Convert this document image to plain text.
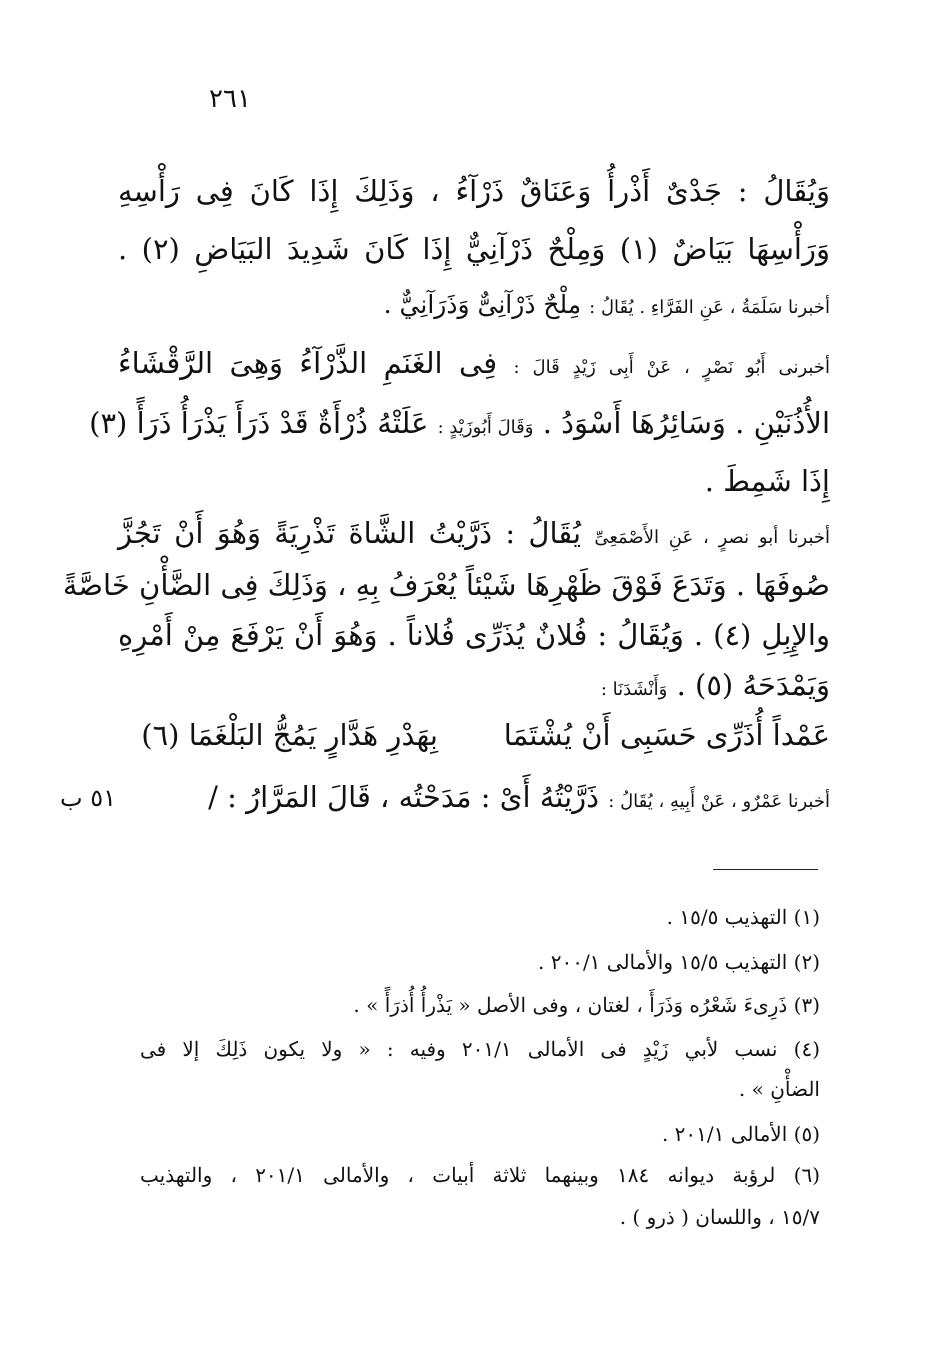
٢٦١
وَيُقَالُ : جَدْىٌ أَذْرأُ وَعَنَاقٌ ذَرْآءُ ، وَذَلِكَ إِذَا كَانَ فِى رَأْسِهِ
وَرَأْسِهَا بَيَاضٌ (١) وَمِلْحٌ ذَرْآنِيٌّ إِذَا كَانَ شَدِيدَ البَيَاضِ (٢) .
أخبرنا سَلَمَةُ ، عَنِ الفَرَّاءِ . يُقَالُ : مِلْحٌ ذَرْآنِىٌّ وَذَرَآنِيٌّ .
أخبرنى أَبُو نَصْرٍ ، عَنْ أَبِى زَيْدٍ قَالَ : فِى الغَنَمِ الذَّرْآءُ وَهِىَ الرَّقْشَاءُ
الأُذُنَيْنِ . وَسَائِرُهَا أَسْوَدُ . وَقَالَ أَبُوزَيْدٍ : عَلَتْهُ ذُرْأَةٌ قَدْ ذَرَأَ يَذْرَأُ ذَرَأً (٣)
إِذَا شَمِطَ .
أخبرنا أبو نصرٍ ، عَنِ الأَصْمَعِىِّ يُقَالُ : ذَرَّيْتُ الشَّاةَ تَذْرِيَةً وَهُوَ أَنْ تَجُزَّ
صُوفَهَا . وَتَدَعَ فَوْقَ ظَهْرِهَا شَيْئاً يُعْرَفُ بِهِ ، وَذَلِكَ فِى الضَّأْنِ خَاصَّةً
والإِبِلِ (٤) . وَيُقَالُ : فُلانٌ يُذَرِّى فُلاناً . وَهُوَ أَنْ يَرْفَعَ مِنْ أَمْرِهِ
وَيَمْدَحَهُ (٥) . وَأَنْشَدَنَا :
عَمْداً أُذَرِّى حَسَبِى أَنْ يُشْتَمَا
بِهَدْرِ هَدَّارٍ يَمُجُّ البَلْغَمَا (٦)
أخبرنا عَمْرٌو ، عَنْ أَبِيهِ ، يُقَالُ : ذَرَّيْتُهُ أَىْ : مَدَحْتُه ، قَالَ المَرَّارُ : /
٥١ ب
(١) التهذيب ١٥/٥ .
(٢) التهذيب ١٥/٥ والأمالى ٢٠٠/١ .
(٣) ذَرِىءَ شَعْرُه وَذَرَأَ ، لغتان ، وفى الأصل « يَذْرأُ أُذرَأً » .
(٤) نسب لأبي زَيْدٍ فى الأمالى ٢٠١/١ وفيه : « ولا يكون ذَلِكَ إلا فى
الضأْنِ » .
(٥) الأمالى ٢٠١/١ .
(٦) لرؤبة ديوانه ١٨٤ وبينهما ثلاثة أبيات ، والأمالى ٢٠١/١ ، والتهذيب
١٥/٧ ، واللسان ( ذرو ) .
